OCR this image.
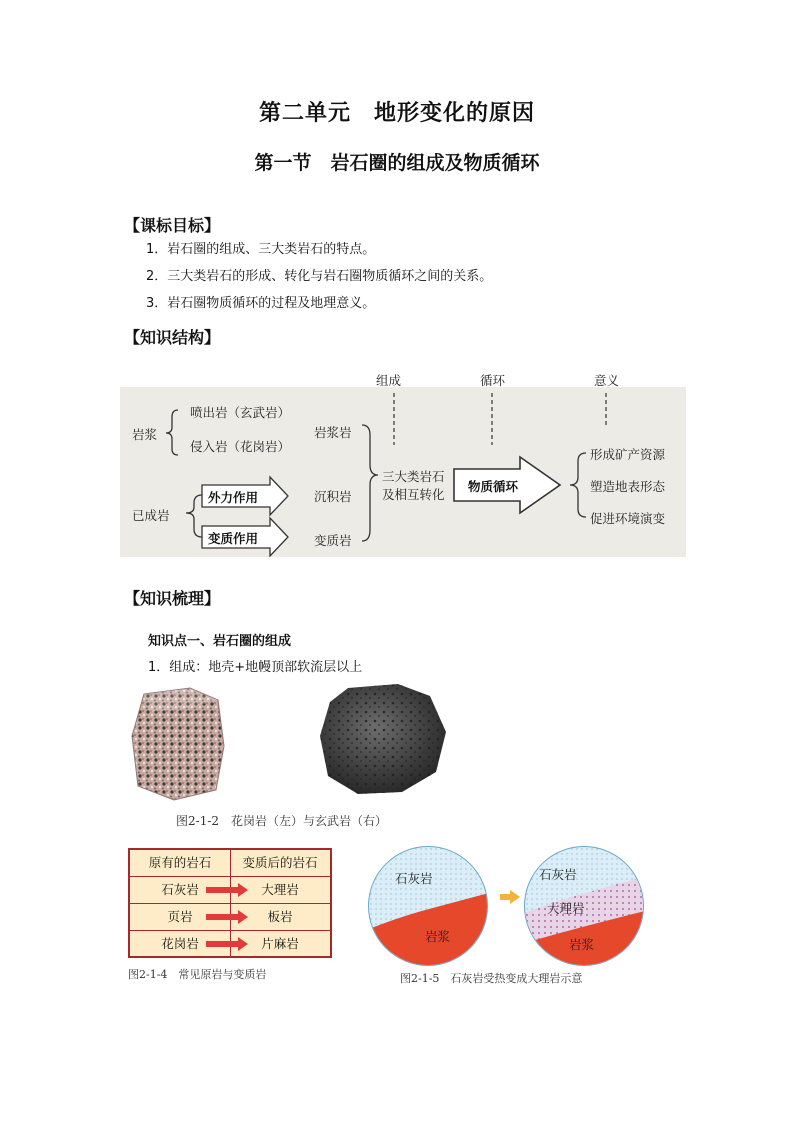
第二单元　地形变化的原因
第一节　岩石圈的组成及物质循环
【课标目标】
1．岩石圈的组成、三大类岩石的特点。
2．三大类岩石的形成、转化与岩石圈物质循环之间的关系。
3．岩石圈物质循环的过程及地理意义。
【知识结构】
组成	循环	意义
岩浆
喷出岩（玄武岩）
侵入岩（花岗岩）
已成岩
外力作用
变质作用
岩浆岩
沉积岩
变质岩
三大类岩石
及相互转化
物质循环
形成矿产资源
塑造地表形态
促进环境演变
【知识梳理】
知识点一、岩石圈的组成
1．组成：地壳+地幔顶部软流层以上
图2-1-2　花岗岩（左）与玄武岩（右）
原有的岩石	变质后的岩石
石灰岩	大理岩
页岩	板岩
花岗岩	片麻岩
图2-1-4　常见原岩与变质岩
石灰岩
岩浆
石灰岩
大理岩
岩浆
图2-1-5　石灰岩受热变成大理岩示意
